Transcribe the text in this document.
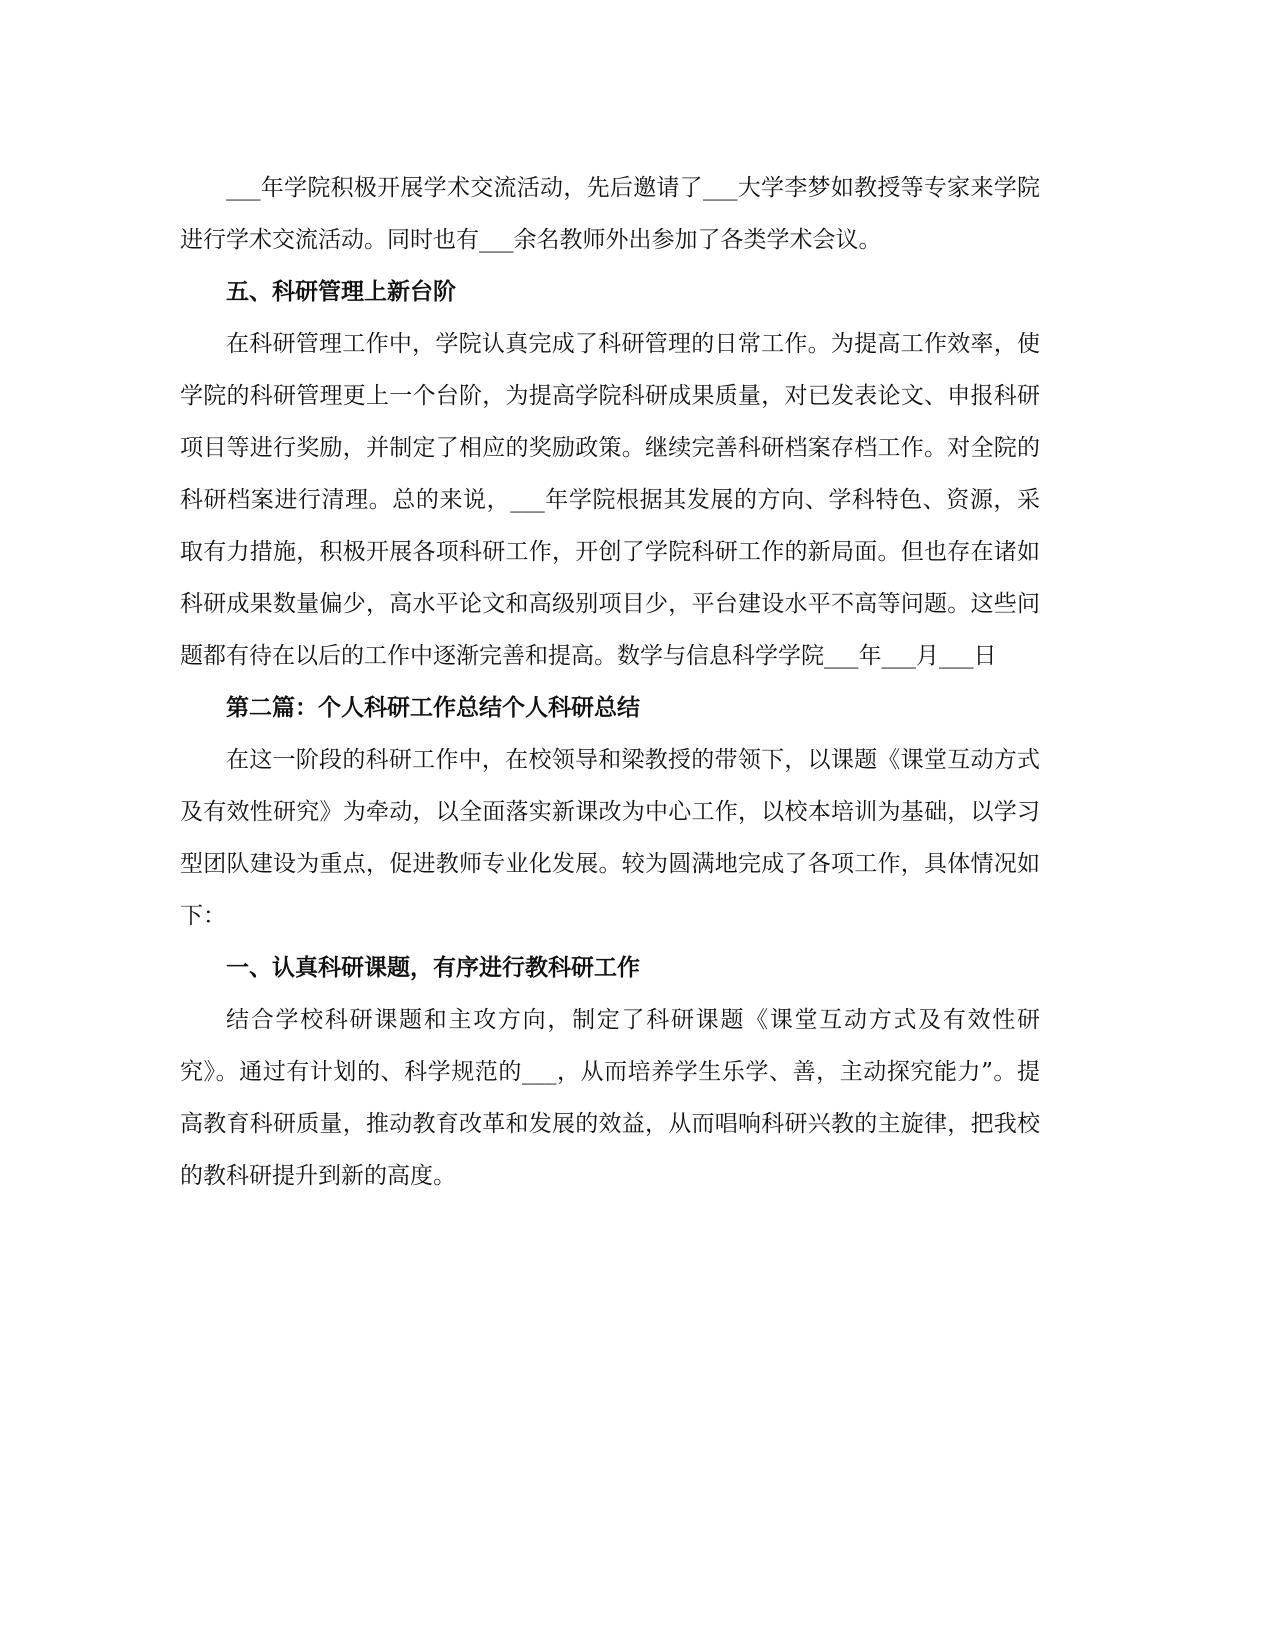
___年学院积极开展学术交流活动，先后邀请了___大学李梦如教授等专家来学院进行学术交流活动。同时也有___余名教师外出参加了各类学术会议。

五、科研管理上新台阶

在科研管理工作中，学院认真完成了科研管理的日常工作。为提高工作效率，使学院的科研管理更上一个台阶，为提高学院科研成果质量，对已发表论文、申报科研项目等进行奖励，并制定了相应的奖励政策。继续完善科研档案存档工作。对全院的科研档案进行清理。总的来说，___年学院根据其发展的方向、学科特色、资源，采取有力措施，积极开展各项科研工作，开创了学院科研工作的新局面。但也存在诸如科研成果数量偏少，高水平论文和高级别项目少，平台建设水平不高等问题。这些问题都有待在以后的工作中逐渐完善和提高。数学与信息科学学院___年___月___日

第二篇：个人科研工作总结个人科研总结

在这一阶段的科研工作中，在校领导和梁教授的带领下，以课题《课堂互动方式及有效性研究》为牵动，以全面落实新课改为中心工作，以校本培训为基础，以学习型团队建设为重点，促进教师专业化发展。较为圆满地完成了各项工作，具体情况如下：

一、认真科研课题，有序进行教科研工作

结合学校科研课题和主攻方向，制定了科研课题《课堂互动方式及有效性研究》。通过有计划的、科学规范的___，从而培养学生乐学、善，主动探究能力”。提高教育科研质量，推动教育改革和发展的效益，从而唱响科研兴教的主旋律，把我校的教科研提升到新的高度。
